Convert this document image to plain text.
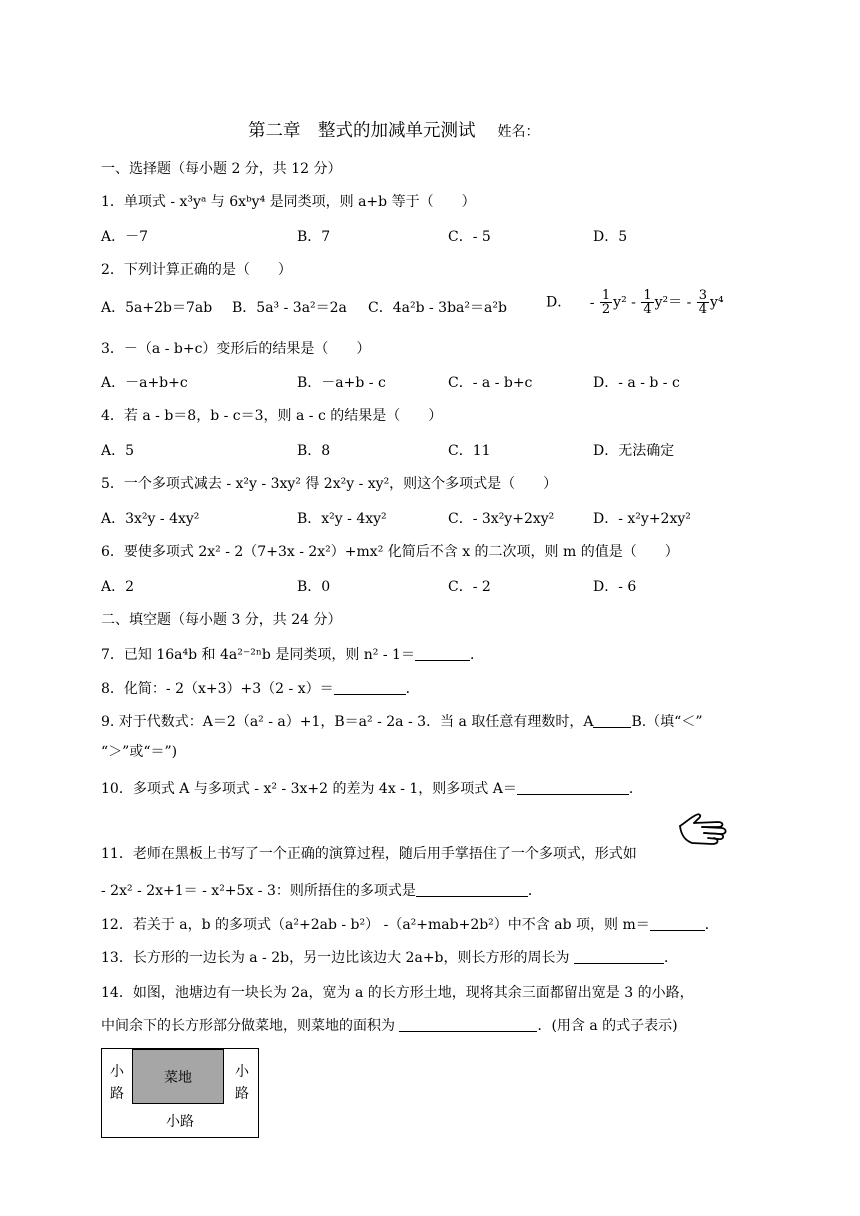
第二章　整式的加减单元测试 姓名：
一、选择题（每小题 2 分，共 12 分）
1．单项式 - x³yᵃ 与 6xᵇy⁴ 是同类项，则 a+b 等于（　　）
A．－7	B．7	C．- 5	D．5
2．下列计算正确的是（　　）
A．5a+2b＝7ab B．5a³ - 3a²＝2a C．4a²b - 3ba²＝a²b	D． - $\frac{1}{2} y^2 - \frac{1}{4} y^2= - \frac{3}{4} y^4$
3．－（a - b+c）变形后的结果是（　　）
A．－a+b+c	B．－a+b - c	C．- a - b+c	D．- a - b - c
4．若 a - b＝8，b - c＝3，则 a - c 的结果是（　　）
A．5	B．8	C．11	D．无法确定
5．一个多项式减去 - x²y - 3xy² 得 2x²y - xy²，则这个多项式是（　　）
A．3x²y - 4xy²	B．x²y - 4xy²	C．- 3x²y+2xy²	D．- x²y+2xy²
6．要使多项式 2x² - 2（7+3x - 2x²）+mx² 化简后不含 x 的二次项，则 m 的值是（　　）
A．2	B．0	C．- 2	D．- 6
二、填空题（每小题 3 分，共 24 分）
7．已知 16a⁴b 和 4a²⁻²ⁿb 是同类项，则 n² - 1＝	．
8．化简：- 2（x+3）+3（2 - x）＝	．
9. 对于代数式：A＝2（a² - a）+1，B＝a² - 2a - 3．当 a 取任意有理数时，A	B.（填“＜”
“＞”或“＝”)
10．多项式 A 与多项式 - x² - 3x+2 的差为 4x - 1，则多项式 A＝	．
11．老师在黑板上书写了一个正确的演算过程，随后用手掌捂住了一个多项式，形式如
- 2x² - 2x+1＝ - x²+5x - 3：则所捂住的多项式是	．
12．若关于 a，b 的多项式（a²+2ab - b²） -（a²+mab+2b²）中不含 ab 项，则 m＝	．
13．长方形的一边长为 a - 2b，另一边比该边大 2a+b，则长方形的周长为	．
14．如图，池塘边有一块长为 2a，宽为 a 的长方形土地，现将其余三面都留出宽是 3 的小路，
中间余下的长方形部分做菜地，则菜地的面积为	．(用含 a 的式子表示)
菜地
小
路
小
路
小路
